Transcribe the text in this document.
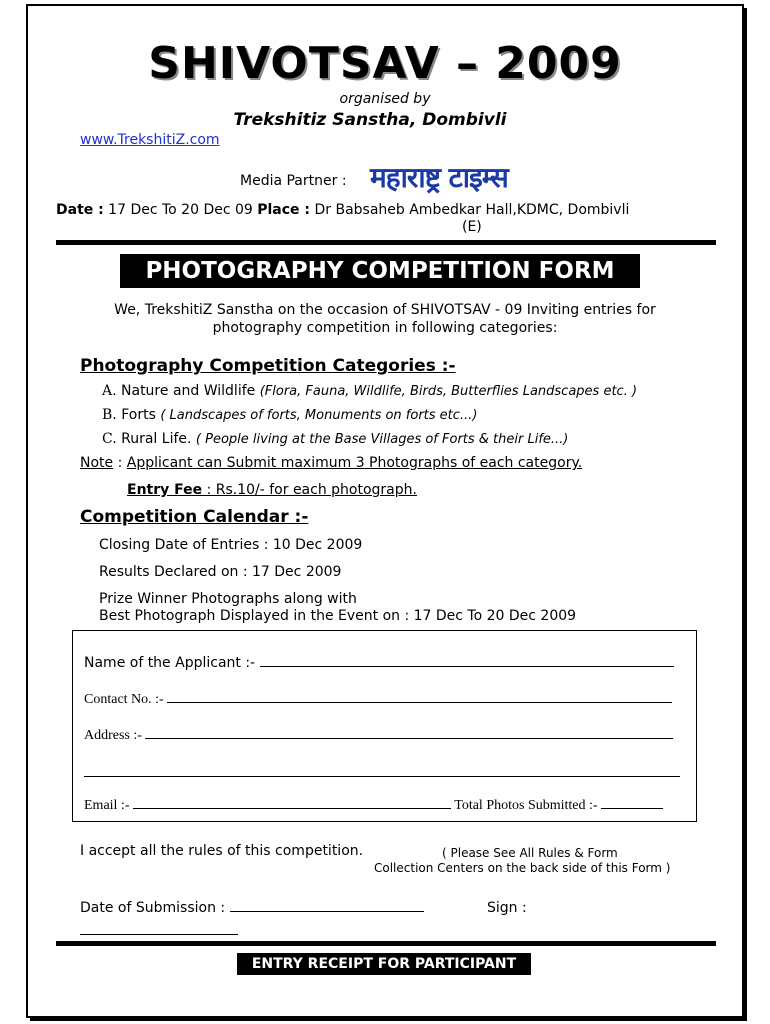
SHIVOTSAV – 2009
organised by
Trekshitiz Sanstha, Dombivli
www.TrekshitiZ.com
Media Partner : महाराष्ट्र टाइम्स
Date : 17 Dec To 20 Dec 09 Place : Dr Babsaheb Ambedkar Hall,KDMC, Dombivli
(E)
PHOTOGRAPHY COMPETITION FORM
We, TrekshitiZ Sanstha on the occasion of SHIVOTSAV - 09 Inviting entries for
photography competition in following categories:
Photography Competition Categories :-
A. Nature and Wildlife (Flora, Fauna, Wildlife, Birds, Butterflies Landscapes etc. )
B. Forts ( Landscapes of forts, Monuments on forts etc...)
C. Rural Life. ( People living at the Base Villages of Forts & their Life...)
Note : Applicant can Submit maximum 3 Photographs of each category.
Entry Fee : Rs.10/- for each photograph.
Competition Calendar :-
Closing Date of Entries : 10 Dec 2009
Results Declared on : 17 Dec 2009
Prize Winner Photographs along with
Best Photograph Displayed in the Event on : 17 Dec To 20 Dec 2009
Name of the Applicant :-
Contact No. :-
Address :-
Email :-	Total Photos Submitted :-
I accept all the rules of this competition.	( Please See All Rules & Form
Collection Centers on the back side of this Form )
Date of Submission :	Sign :
ENTRY RECEIPT FOR PARTICIPANT
